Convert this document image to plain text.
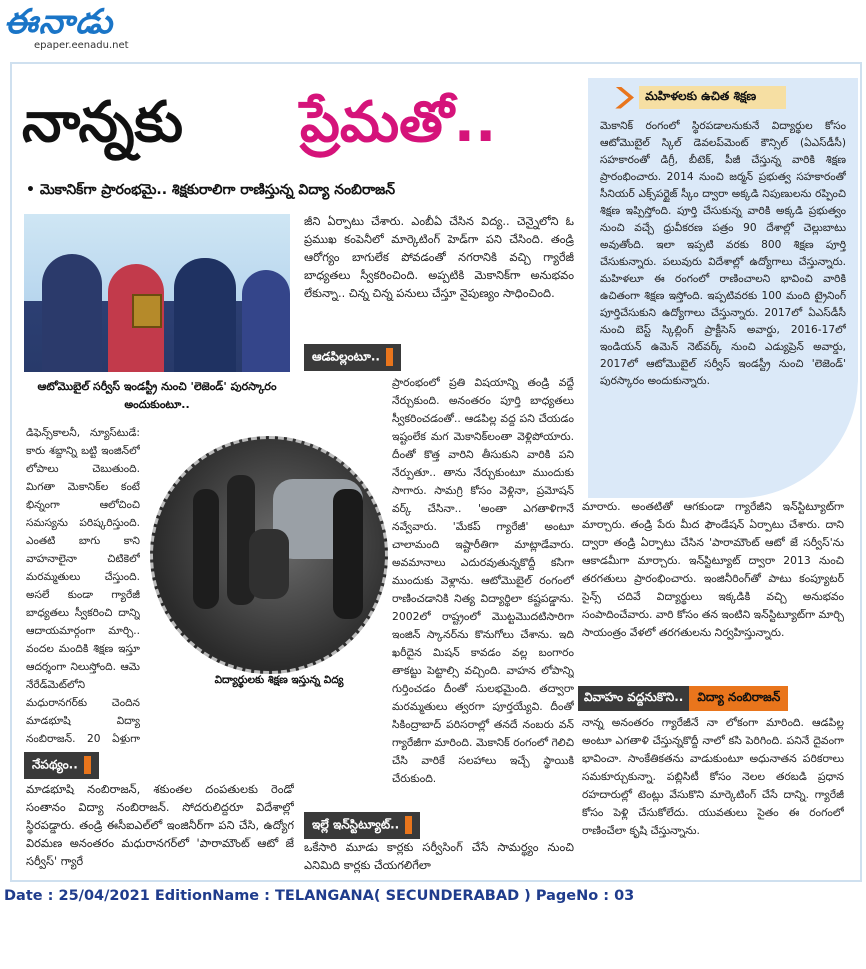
ఈనాడు
epaper.eenadu.net
నాన్నకు ప్రేమతో..
• మెకానిక్‌గా ప్రారంభమై.. శిక్షకురాలిగా రాణిస్తున్న విద్యా నంబిరాజన్
మహిళలకు ఉచిత శిక్షణ

మెకానిక్ రంగంలో స్థిరపడాలనుకునే విద్యార్థుల కోసం ఆటోమొబైల్ స్కిల్ డెవలప్‌మెంట్ కౌన్సిల్ (ఏఎస్‌డీసీ) సహకారంతో డిగ్రీ, బీటెక్, పీజీ చేస్తున్న వారికి శిక్షణ ప్రారంభించారు. 2014 నుంచి జర్మన్ ప్రభుత్వ సహకారంతో సీనియర్ ఎక్స్‌పర్టైజ్ స్కీం ద్వారా అక్కడి నిపుణులను రప్పించి శిక్షణ ఇప్పిస్తోంది. పూర్తి చేసుకున్న వారికి అక్కడి ప్రభుత్వం నుంచి వచ్చే ధ్రువీకరణ పత్రం 90 దేశాల్లో చెల్లుబాటు అవుతోంది. ఇలా ఇప్పటి వరకు 800 శిక్షణ పూర్తి చేసుకున్నారు. పలువురు విదేశాల్లో ఉద్యోగాలు చేస్తున్నారు. మహిళలూ ఈ రంగంలో రాణించాలని భావించి వారికి ఉచితంగా శిక్షణ ఇస్తోంది. ఇప్పటివరకు 100 మంది ట్రైనింగ్ పూర్తిచేసుకుని ఉద్యోగాలు చేస్తున్నారు. 2017లో ఏఎస్‌డీసీ నుంచి బెస్ట్ స్కిల్లింగ్ ప్రాక్టీసెస్ అవార్డు, 2016-17లో ఇండియన్ ఉమెన్ నెట్‌వర్క్ నుంచి ఎడ్యుప్రెన్ అవార్డు, 2017లో ఆటోమొబైల్ సర్వీస్ ఇండస్ట్రీ నుంచి 'లెజెండ్' పురస్కారం అందుకున్నారు.

ఆటోమొబైల్ సర్వీస్ ఇండస్ట్రీ నుంచి 'లెజెండ్' పురస్కారం అందుకుంటూ..

డిఫెన్స్‌కాలనీ, న్యూస్‌టుడే: కారు శబ్దాన్ని బట్టి ఇంజిన్‌లో లోపాలు చెబుతుంది. మిగతా మెకానిక్‌ల కంటే భిన్నంగా ఆలోచించి సమస్యను పరిష్కరిస్తుంది. ఎంతటి బాగు కాని వాహనాలైనా చిటికెలో మరమ్మతులు చేస్తుంది. అసలే కుండా గ్యారేజీ బాధ్యతలు స్వీకరించి దాన్ని ఆదాయమార్గంగా మార్చి.. వందల మందికి శిక్షణ ఇస్తూ ఆదర్శంగా నిలుస్తోంది. ఆమె నేరేడ్‌మెట్‌లోని మధురానగర్‌కు చెందిన మాడభూషి విద్యా నంబిరాజన్. 20 ఏళ్లుగా

నేపథ్యం..

మాడభూషి నంబిరాజన్, శకుంతల దంపతులకు రెండో సంతానం విద్యా నంబిరాజన్. సోదరులిద్దరూ విదేశాల్లో స్థిరపడ్డారు. తండ్రి ఈసీఐఎల్‌లో ఇంజినీర్‌గా పని చేసి, ఉద్యోగ విరమణ అనంతరం మధురానగర్‌లో 'పారామౌంట్ ఆటో జే సర్వీస్' గ్యారే

విద్యార్థులకు శిక్షణ ఇస్తున్న విద్య

జీని ఏర్పాటు చేశారు. ఎంబీఏ చేసిన విద్య.. చెన్నైలోని ఓ ప్రముఖ కంపెనీలో మార్కెటింగ్ హెడ్‌గా పని చేసింది. తండ్రి ఆరోగ్యం బాగులేక పోవడంతో నగరానికి వచ్చి గ్యారేజీ బాధ్యతలు స్వీకరించింది. అప్పటికి మెకానిక్‌గా అనుభవం లేకున్నా.. చిన్న చిన్న పనులు చేస్తూ నైపుణ్యం సాధించింది.

ఆడపిల్లంటూ..

ప్రారంభంలో ప్రతి విషయాన్ని తండ్రి వద్దే నేర్చుకుంది. అనంతరం పూర్తి బాధ్యతలు స్వీకరించడంతో.. ఆడపిల్ల వద్ద పని చేయడం ఇష్టంలేక మగ మెకానిక్‌లంతా వెళ్లిపోయారు. దీంతో కొత్త వారిని తీసుకుని వారికి పని నేర్పుతూ.. తాను నేర్చుకుంటూ ముందుకు సాగారు. సామగ్రి కోసం వెళ్లినా, ప్రమోషన్ వర్క్ చేసినా.. 'అంతా ఎగతాళిగానే నవ్వేవారు. 'మేకప్ గ్యారేజీ' అంటూ చాలామంది ఇష్టారీతిగా మాట్లాడేవారు. అవమానాలు ఎదురవుతున్నకొద్దీ కసిగా ముందుకు వెళ్లాను. ఆటోమొబైల్ రంగంలో రాణించడానికి నిత్య విద్యార్థిలా కష్టపడ్డాను. 2002లో రాష్ట్రంలో మొట్టమొదటిసారిగా ఇంజిన్ స్కానర్‌ను కొనుగోలు చేశాను. ఇది ఖరీదైన మిషన్ కావడం వల్ల బంగారం తాకట్టు పెట్టాల్సి వచ్చింది. వాహన లోపాన్ని గుర్తించడం దీంతో సులభమైంది. తద్వారా మరమ్మతులు త్వరగా పూర్తయ్యేవి. దీంతో సికింద్రాబాద్ పరిసరాల్లో తనదే నంబరు వన్ గ్యారేజీగా మారింది. మెకానిక్ రంగంలో గెలిచి చేసి వారికే సలహాలు ఇచ్చే స్థాయికి చేరుకుంది.

ఇల్లే ఇన్‌స్టిట్యూట్..

ఒకేసారి మూడు కార్లకు సర్వీసింగ్ చేసే సామర్థ్యం నుంచి ఎనిమిది కార్లకు చేయగలిగేలా

మారారు. అంతటితో ఆగకుండా గ్యారేజీని ఇన్‌స్టిట్యూట్‌గా మార్చారు. తండ్రి పేరు మీద ఫౌండేషన్ ఏర్పాటు చేశారు. దాని ద్వారా తండ్రి ఏర్పాటు చేసిన 'పారామౌంట్ ఆటో జే సర్వీస్'ను ఆకాడమీగా మార్చారు. ఇన్‌స్టిట్యూట్ ద్వారా 2013 నుంచి తరగతులు ప్రారంభించారు. ఇంజినీరింగ్‌తో పాటు కంప్యూటర్ సైన్స్ చదివే విద్యార్థులు ఇక్కడికి వచ్చి అనుభవం సంపాదించేవారు. వారి కోసం తన ఇంటిని ఇన్‌స్టిట్యూట్‌గా మార్చి సాయంత్రం వేళలో తరగతులను నిర్వహిస్తున్నారు.

వివాహం వద్దనుకొని.. విద్యా నంబిరాజన్

నాన్న అనంతరం గ్యారేజీనే నా లోకంగా మారింది. ఆడపిల్ల అంటూ ఎగతాళి చేస్తున్నకొద్దీ నాలో కసి పెరిగింది. పనినే దైవంగా భావించా. సాంకేతికతను వాడుకుంటూ అధునాతన పరికరాలు సమకూర్చుకున్నా. పబ్లిసిటీ కోసం నెలల తరబడి ప్రధాన రహదారుల్లో టెంట్లు వేసుకొని మార్కెటింగ్ చేసే దాన్ని. గ్యారేజీ కోసం పెళ్లి చేసుకోలేదు. యువతులు సైతం ఈ రంగంలో రాణించేలా కృషి చేస్తున్నాను.

Date : 25/04/2021 EditionName : TELANGANA( SECUNDERABAD ) PageNo : 03
